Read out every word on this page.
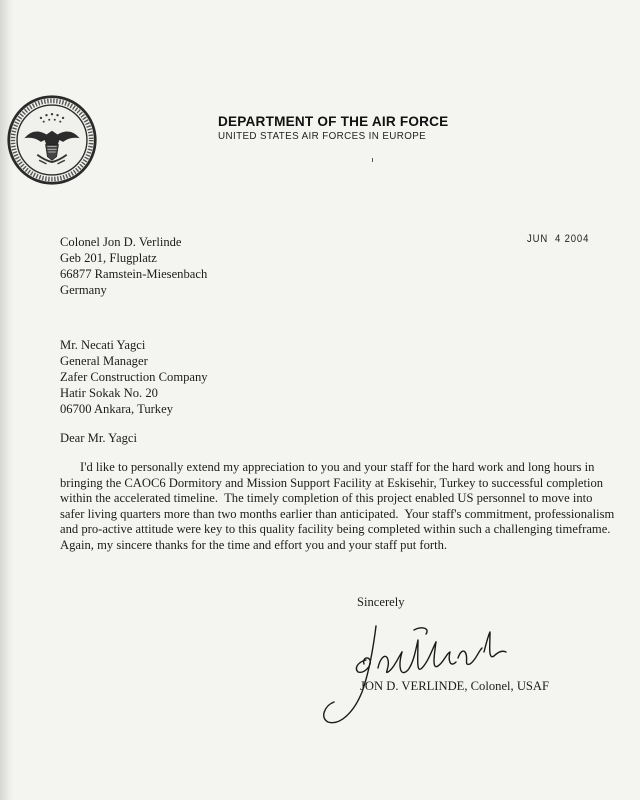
DEPARTMENT OF THE AIR FORCE
UNITED STATES AIR FORCES IN EUROPE
Colonel Jon D. Verlinde
Geb 201, Flugplatz
66877 Ramstein-Miesenbach
Germany
JUN  4 2004
Mr. Necati Yagci
General Manager
Zafer Construction Company
Hatir Sokak No. 20
06700 Ankara, Turkey
Dear Mr. Yagci
I'd like to personally extend my appreciation to you and your staff for the hard work and long hours in bringing the CAOC6 Dormitory and Mission Support Facility at Eskisehir, Turkey to successful completion within the accelerated timeline.  The timely completion of this project enabled US personnel to move into safer living quarters more than two months earlier than anticipated.  Your staff's commitment, professionalism and pro-active attitude were key to this quality facility being completed within such a challenging timeframe.  Again, my sincere thanks for the time and effort you and your staff put forth.
Sincerely
JON D. VERLINDE, Colonel, USAF
